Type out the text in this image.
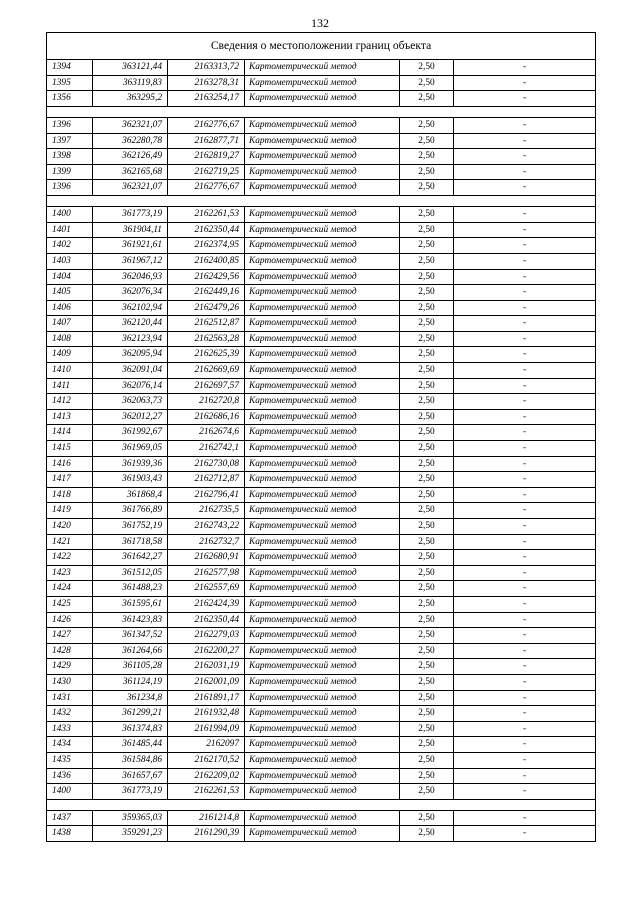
132
Сведения о местоположении границ объекта					
1394	363121,44	2163313,72	Картометрический метод	2,50	-
1395	363119,83	2163278,31	Картометрический метод	2,50	-
1356	363295,2	2163254,17	Картометрический метод	2,50	-

1396	362321,07	2162776,67	Картометрический метод	2,50	-
1397	362280,78	2162877,71	Картометрический метод	2,50	-
1398	362126,49	2162819,27	Картометрический метод	2,50	-
1399	362165,68	2162719,25	Картометрический метод	2,50	-
1396	362321,07	2162776,67	Картометрический метод	2,50	-

1400	361773,19	2162261,53	Картометрический метод	2,50	-
1401	361904,11	2162350,44	Картометрический метод	2,50	-
1402	361921,61	2162374,95	Картометрический метод	2,50	-
1403	361967,12	2162400,85	Картометрический метод	2,50	-
1404	362046,93	2162429,56	Картометрический метод	2,50	-
1405	362076,34	2162449,16	Картометрический метод	2,50	-
1406	362102,94	2162479,26	Картометрический метод	2,50	-
1407	362120,44	2162512,87	Картометрический метод	2,50	-
1408	362123,94	2162563,28	Картометрический метод	2,50	-
1409	362095,94	2162625,39	Картометрический метод	2,50	-
1410	362091,04	2162669,69	Картометрический метод	2,50	-
1411	362076,14	2162697,57	Картометрический метод	2,50	-
1412	362063,73	2162720,8	Картометрический метод	2,50	-
1413	362012,27	2162686,16	Картометрический метод	2,50	-
1414	361992,67	2162674,6	Картометрический метод	2,50	-
1415	361969,05	2162742,1	Картометрический метод	2,50	-
1416	361939,36	2162730,08	Картометрический метод	2,50	-
1417	361903,43	2162712,87	Картометрический метод	2,50	-
1418	361868,4	2162796,41	Картометрический метод	2,50	-
1419	361766,89	2162735,5	Картометрический метод	2,50	-
1420	361752,19	2162743,22	Картометрический метод	2,50	-
1421	361718,58	2162732,7	Картометрический метод	2,50	-
1422	361642,27	2162680,91	Картометрический метод	2,50	-
1423	361512,05	2162577,98	Картометрический метод	2,50	-
1424	361488,23	2162557,69	Картометрический метод	2,50	-
1425	361595,61	2162424,39	Картометрический метод	2,50	-
1426	361423,83	2162350,44	Картометрический метод	2,50	-
1427	361347,52	2162279,03	Картометрический метод	2,50	-
1428	361264,66	2162200,27	Картометрический метод	2,50	-
1429	361105,28	2162031,19	Картометрический метод	2,50	-
1430	361124,19	2162001,09	Картометрический метод	2,50	-
1431	361234,8	2161891,17	Картометрический метод	2,50	-
1432	361299,21	2161932,48	Картометрический метод	2,50	-
1433	361374,83	2161994,09	Картометрический метод	2,50	-
1434	361485,44	2162097	Картометрический метод	2,50	-
1435	361584,86	2162170,52	Картометрический метод	2,50	-
1436	361657,67	2162209,02	Картометрический метод	2,50	-
1400	361773,19	2162261,53	Картометрический метод	2,50	-

1437	359365,03	2161214,8	Картометрический метод	2,50	-
1438	359291,23	2161290,39	Картометрический метод	2,50	-
